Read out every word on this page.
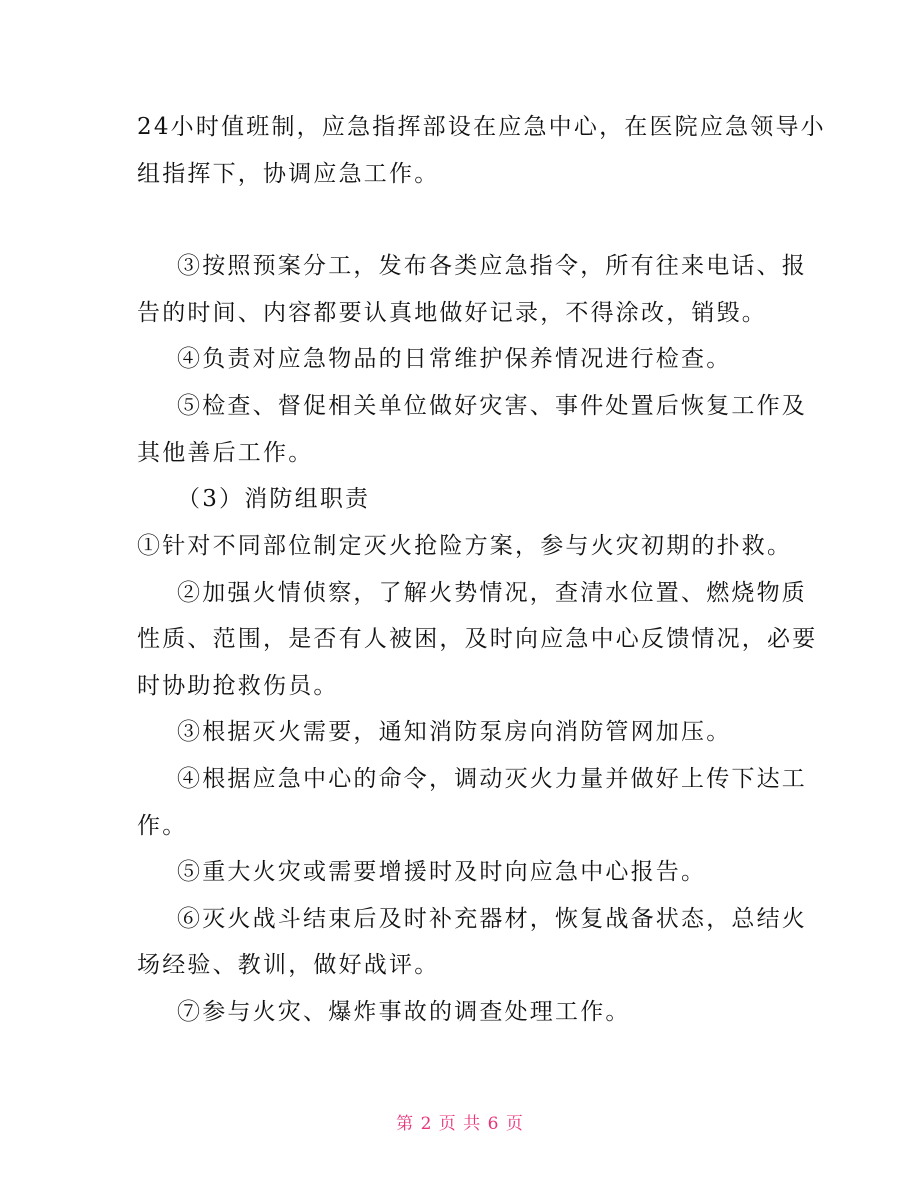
24小时值班制，应急指挥部设在应急中心，在医院应急领导小
组指挥下，协调应急工作。
③按照预案分工，发布各类应急指令，所有往来电话、报
告的时间、内容都要认真地做好记录，不得涂改，销毁。
④负责对应急物品的日常维护保养情况进行检查。
⑤检查、督促相关单位做好灾害、事件处置后恢复工作及
其他善后工作。
（3）消防组职责
①针对不同部位制定灭火抢险方案，参与火灾初期的扑救。
②加强火情侦察，了解火势情况，查清水位置、燃烧物质
性质、范围，是否有人被困，及时向应急中心反馈情况，必要
时协助抢救伤员。
③根据灭火需要，通知消防泵房向消防管网加压。
④根据应急中心的命令，调动灭火力量并做好上传下达工
作。
⑤重大火灾或需要增援时及时向应急中心报告。
⑥灭火战斗结束后及时补充器材，恢复战备状态，总结火
场经验、教训，做好战评。
⑦参与火灾、爆炸事故的调查处理工作。
第 2 页 共 6 页
